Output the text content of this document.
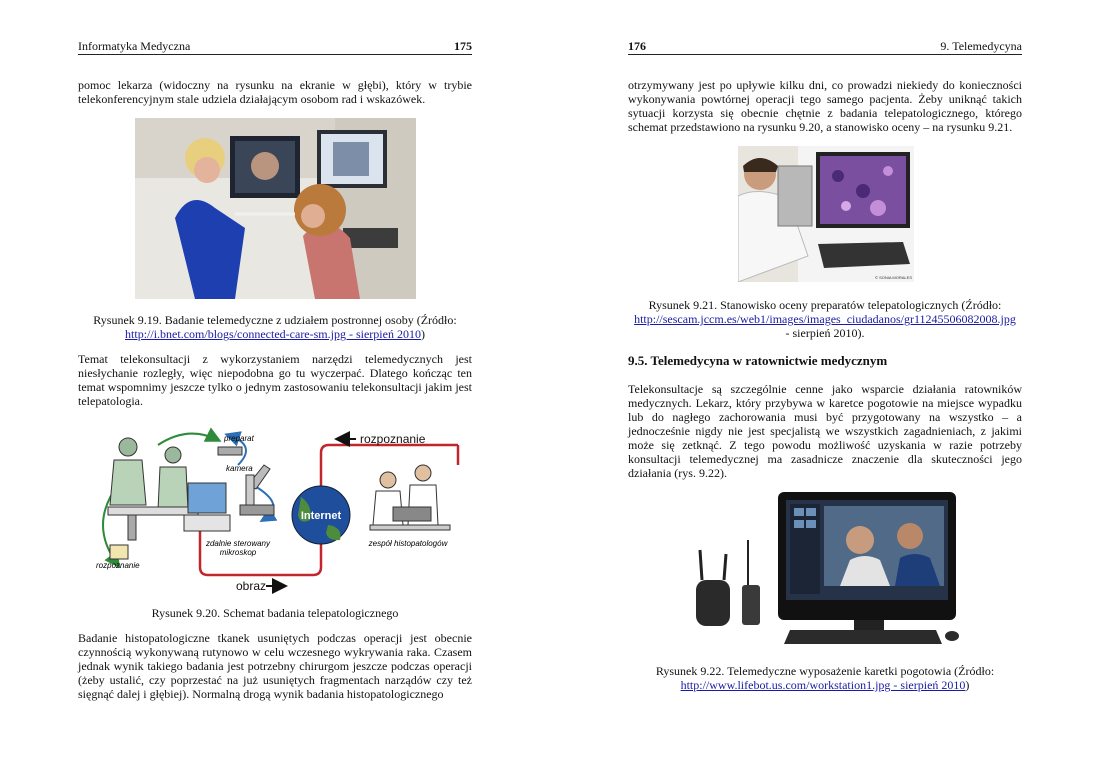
Informatyka Medyczna	175

pomoc lekarza (widoczny na rysunku na ekranie w głębi), który w trybie telekonferencyjnym stale udziela działającym osobom rad i wskazówek.

Rysunek 9.19. Badanie telemedyczne z udziałem postronnej osoby (Źródło:
http://i.bnet.com/blogs/connected-care-sm.jpg - sierpień 2010)

Temat telekonsultacji z wykorzystaniem narzędzi telemedycznych jest niesłychanie rozległy, więc niepodobna go tu wyczerpać. Dlatego kończąc ten temat wspomnimy jeszcze tylko o jednym zastosowaniu telekonsultacji jakim jest telepatologia.

Internet
rozpoznanie
obraz
preparat
kamera
zdalnie sterowany
mikroskop
zespół histopatologów
rozpoznanie

Rysunek 9.20. Schemat badania telepatologicznego

Badanie histopatologiczne tkanek usuniętych podczas operacji jest obecnie czynnością wykonywaną rutynowo w celu wczesnego wykrywania raka. Czasem jednak wynik takiego badania jest potrzebny chirurgom jeszcze podczas operacji (żeby ustalić, czy poprzestać na już usuniętych fragmentach narządów czy też sięgnąć dalej i głębiej). Normalną drogą wynik badania histopatologicznego

176	9. Telemedycyna

otrzymywany jest po upływie kilku dni, co prowadzi niekiedy do konieczności wykonywania powtórnej operacji tego samego pacjenta. Żeby uniknąć takich sytuacji korzysta się obecnie chętnie z badania telepatologicznego, którego schemat przedstawiono na rysunku 9.20, a stanowisko oceny – na rysunku 9.21.

© SONIA MORALES

Rysunek 9.21. Stanowisko oceny preparatów telepatologicznych (Źródło:
http://sescam.jccm.es/web1/images/images_ciudadanos/gr11245506082008.jpg
- sierpień 2010).

9.5. Telemedycyna w ratownictwie medycznym

Telekonsultacje są szczególnie cenne jako wsparcie działania ratowników medycznych. Lekarz, który przybywa w karetce pogotowie na miejsce wypadku lub do nagłego zachorowania musi być przygotowany na wszystko – a jednocześnie nigdy nie jest specjalistą we wszystkich zagadnieniach, z jakimi może się zetknąć. Z tego powodu możliwość uzyskania w razie potrzeby konsultacji telemedycznej ma zasadnicze znaczenie dla skuteczności jego działania (rys. 9.22).

Rysunek 9.22. Telemedyczne wyposażenie karetki pogotowia (Źródło:
http://www.lifebot.us.com/workstation1.jpg - sierpień 2010)
